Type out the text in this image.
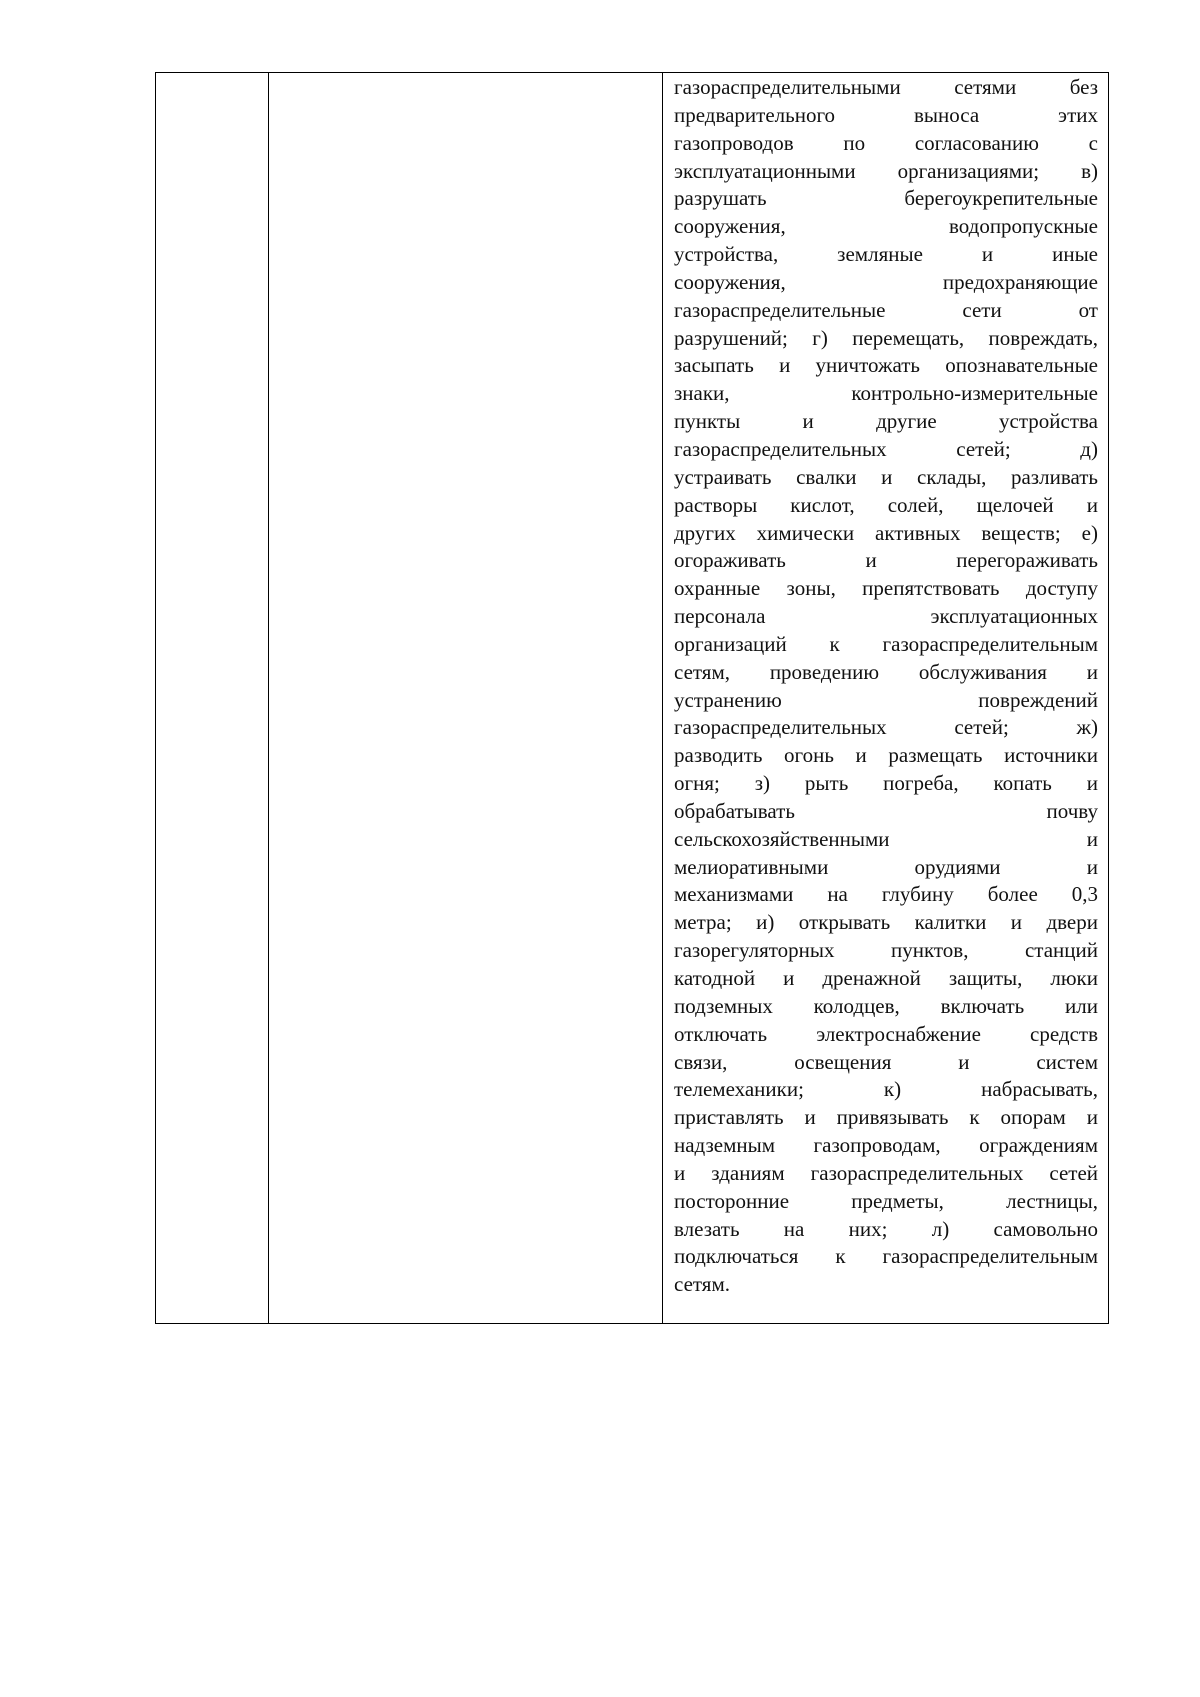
газораспределительными сетями без
предварительного выноса этих
газопроводов по согласованию с
эксплуатационными организациями; в)
разрушать берегоукрепительные
сооружения, водопропускные
устройства, земляные и иные
сооружения, предохраняющие
газораспределительные сети от
разрушений; г) перемещать, повреждать,
засыпать и уничтожать опознавательные
знаки, контрольно-измерительные
пункты и другие устройства
газораспределительных сетей; д)
устраивать свалки и склады, разливать
растворы кислот, солей, щелочей и
других химически активных веществ; е)
огораживать и перегораживать
охранные зоны, препятствовать доступу
персонала эксплуатационных
организаций к газораспределительным
сетям, проведению обслуживания и
устранению повреждений
газораспределительных сетей; ж)
разводить огонь и размещать источники
огня; з) рыть погреба, копать и
обрабатывать почву
сельскохозяйственными и
мелиоративными орудиями и
механизмами на глубину более 0,3
метра; и) открывать калитки и двери
газорегуляторных пунктов, станций
катодной и дренажной защиты, люки
подземных колодцев, включать или
отключать электроснабжение средств
связи, освещения и систем
телемеханики; к) набрасывать,
приставлять и привязывать к опорам и
надземным газопроводам, ограждениям
и зданиям газораспределительных сетей
посторонние предметы, лестницы,
влезать на них; л) самовольно
подключаться к газораспределительным
сетям.
